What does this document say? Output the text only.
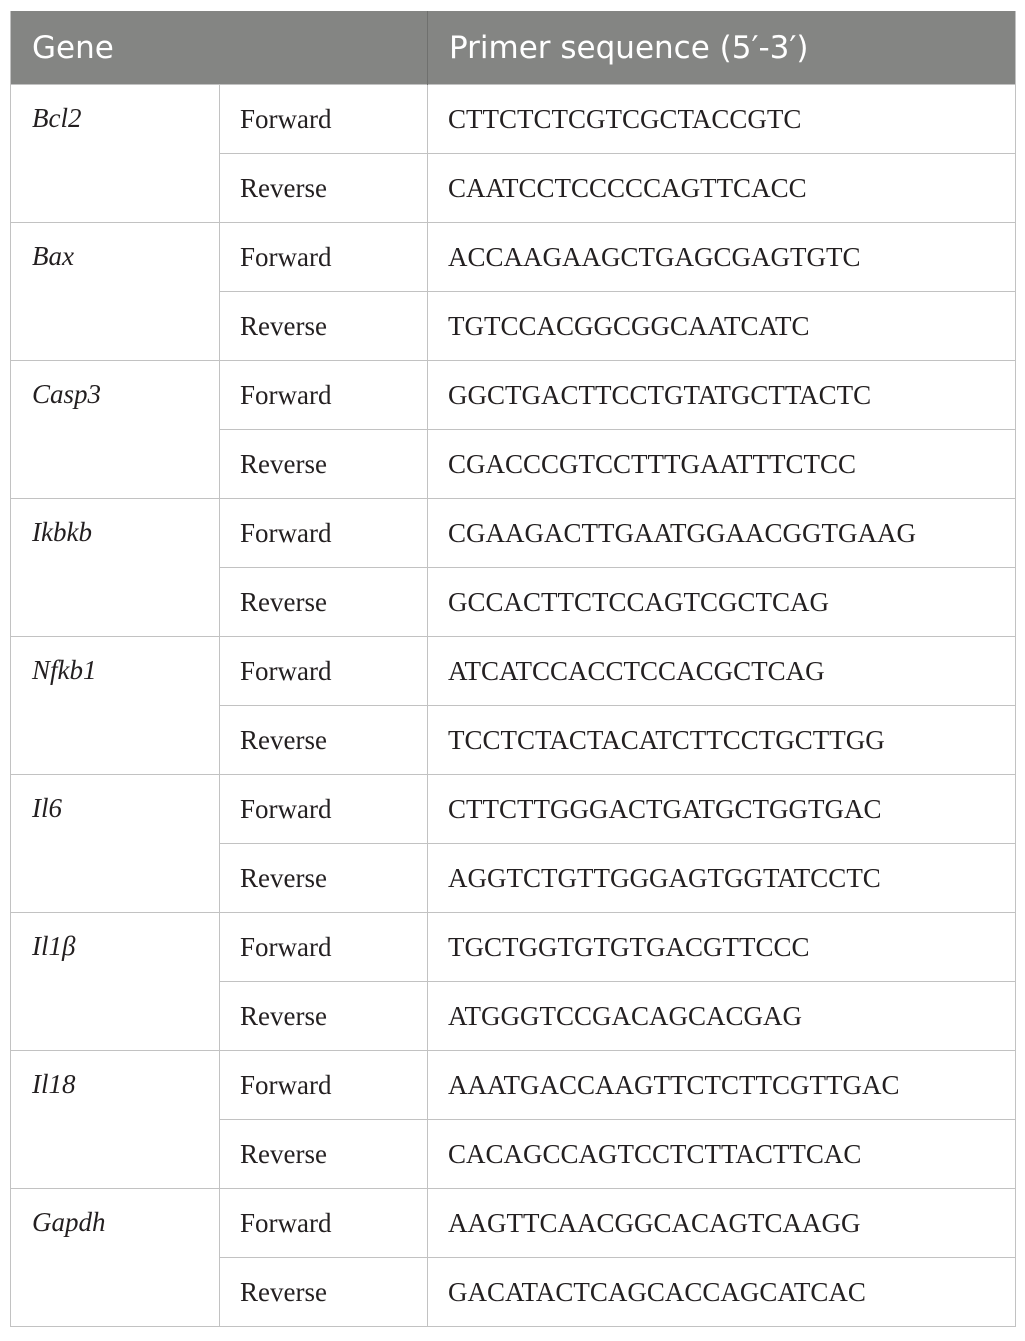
Gene		Primer sequence (5′-3′)
Bcl2	Forward	CTTCTCTCGTCGCTACCGTC
	Reverse	CAATCCTCCCCCAGTTCACC
Bax	Forward	ACCAAGAAGCTGAGCGAGTGTC
	Reverse	TGTCCACGGCGGCAATCATC
Casp3	Forward	GGCTGACTTCCTGTATGCTTACTC
	Reverse	CGACCCGTCCTTTGAATTTCTCC
Ikbkb	Forward	CGAAGACTTGAATGGAACGGTGAAG
	Reverse	GCCACTTCTCCAGTCGCTCAG
Nfkb1	Forward	ATCATCCACCTCCACGCTCAG
	Reverse	TCCTCTACTACATCTTCCTGCTTGG
Il6	Forward	CTTCTTGGGACTGATGCTGGTGAC
	Reverse	AGGTCTGTTGGGAGTGGTATCCTC
Il1β	Forward	TGCTGGTGTGTGACGTTCCC
	Reverse	ATGGGTCCGACAGCACGAG
Il18	Forward	AAATGACCAAGTTCTCTTCGTTGAC
	Reverse	CACAGCCAGTCCTCTTACTTCAC
Gapdh	Forward	AAGTTCAACGGCACAGTCAAGG
	Reverse	GACATACTCAGCACCAGCATCAC
